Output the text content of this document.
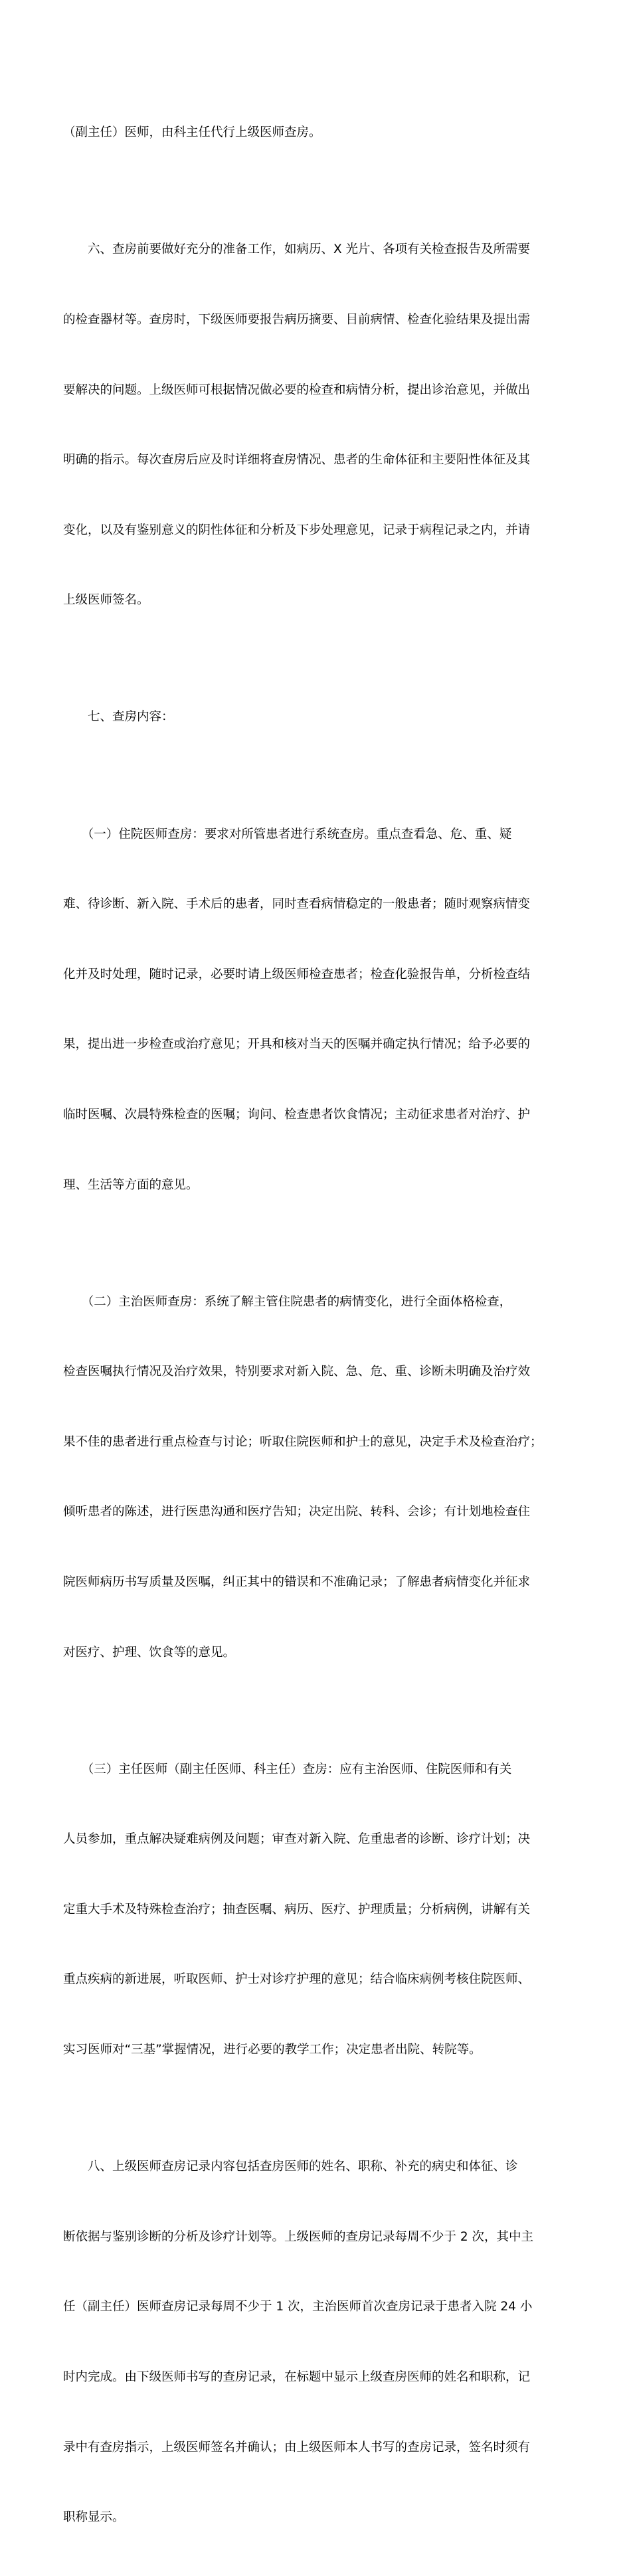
（副主任）医师，由科主任代行上级医师查房。

　　六、查房前要做好充分的准备工作，如病历、X 光片、各项有关检查报告及所需要

的检查器材等。查房时，下级医师要报告病历摘要、目前病情、检查化验结果及提出需

要解决的问题。上级医师可根据情况做必要的检查和病情分析，提出诊治意见，并做出

明确的指示。每次查房后应及时详细将查房情况、患者的生命体征和主要阳性体征及其

变化，以及有鉴别意义的阴性体征和分析及下步处理意见，记录于病程记录之内，并请

上级医师签名。

　　七、查房内容：

　　（一）住院医师查房：要求对所管患者进行系统查房。重点查看急、危、重、疑

难、待诊断、新入院、手术后的患者，同时查看病情稳定的一般患者；随时观察病情变

化并及时处理，随时记录，必要时请上级医师检查患者；检查化验报告单，分析检查结

果，提出进一步检查或治疗意见；开具和核对当天的医嘱并确定执行情况；给予必要的

临时医嘱、次晨特殊检查的医嘱；询问、检查患者饮食情况；主动征求患者对治疗、护

理、生活等方面的意见。

　　（二）主治医师查房：系统了解主管住院患者的病情变化，进行全面体格检查，

检查医嘱执行情况及治疗效果，特别要求对新入院、急、危、重、诊断未明确及治疗效

果不佳的患者进行重点检查与讨论；听取住院医师和护士的意见，决定手术及检查治疗；

倾听患者的陈述，进行医患沟通和医疗告知；决定出院、转科、会诊；有计划地检查住

院医师病历书写质量及医嘱，纠正其中的错误和不准确记录；了解患者病情变化并征求

对医疗、护理、饮食等的意见。

　　（三）主任医师（副主任医师、科主任）查房：应有主治医师、住院医师和有关

人员参加，重点解决疑难病例及问题；审查对新入院、危重患者的诊断、诊疗计划；决

定重大手术及特殊检查治疗；抽查医嘱、病历、医疗、护理质量；分析病例，讲解有关

重点疾病的新进展，听取医师、护士对诊疗护理的意见；结合临床病例考核住院医师、

实习医师对“三基”掌握情况，进行必要的教学工作；决定患者出院、转院等。

　　八、上级医师查房记录内容包括查房医师的姓名、职称、补充的病史和体征、诊

断依据与鉴别诊断的分析及诊疗计划等。上级医师的查房记录每周不少于 2 次，其中主

任（副主任）医师查房记录每周不少于 1 次，主治医师首次查房记录于患者入院 24 小

时内完成。由下级医师书写的查房记录，在标题中显示上级查房医师的姓名和职称，记

录中有查房指示，上级医师签名并确认；由上级医师本人书写的查房记录，签名时须有

职称显示。
